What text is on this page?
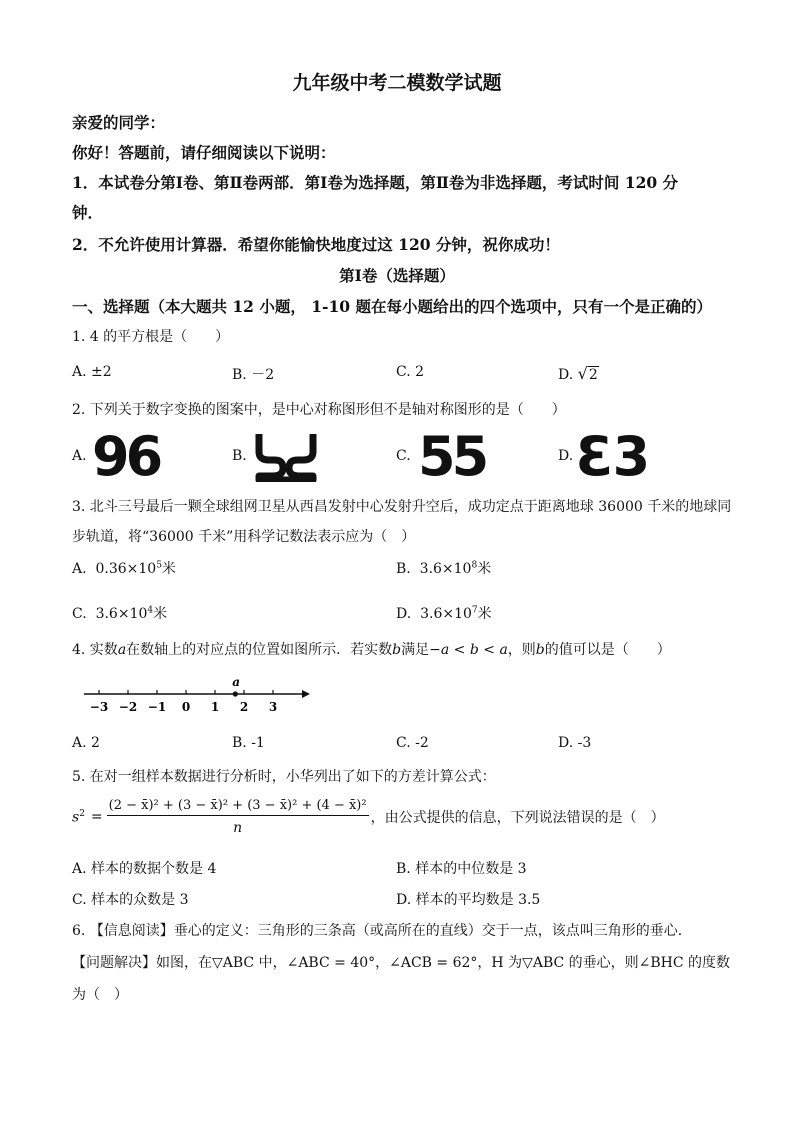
九年级中考二模数学试题
亲爱的同学：
你好！答题前，请仔细阅读以下说明：
1．本试卷分第Ⅰ卷、第Ⅱ卷两部．第Ⅰ卷为选择题，第Ⅱ卷为非选择题，考试时间 120 分
钟．
2．不允许使用计算器．希望你能愉快地度过这 120 分钟，祝你成功！
第Ⅰ卷（选择题）
一、选择题（本大题共 12 小题， 1-10 题在每小题给出的四个选项中，只有一个是正确的）
1. 4 的平方根是（　　）
A. ±2	B. －2	C. 2	D. √2
2. 下列关于数字变换的图案中，是中心对称图形但不是轴对称图形的是（　　）
A. 96	B.	C. 55	D. 33
3. 北斗三号最后一颗全球组网卫星从西昌发射中心发射升空后，成功定点于距离地球 36000 千米的地球同
步轨道，将“36000 千米”用科学记数法表示应为（　）
A. $0.36\times 10^5$米	B. $3.6\times 10^8$米
C. $3.6\times 10^4$米	D. $3.6\times 10^7$米
4. 实数a在数轴上的对应点的位置如图所示．若实数b满足−a < b < a，则b的值可以是（　　）
−3 −2 −1 0 1 2 3
a
A. 2	B. -1	C. -2	D. -3
5. 在对一组样本数据进行分析时，小华列出了如下的方差计算公式：
$s^2 = \frac{\text{(2 − x̄)² + (3 − x̄)² + (3 − x̄)² + (4 − x̄)²}}{n}$ ，由公式提供的信息，下列说法错误的是（　）
A. 样本的数据个数是 4	B. 样本的中位数是 3
C. 样本的众数是 3	D. 样本的平均数是 3.5
6. 【信息阅读】垂心的定义：三角形的三条高（或高所在的直线）交于一点，该点叫三角形的垂心．
【问题解决】如图，在▽ABC 中，∠ABC = 40°，∠ACB = 62°，H 为▽ABC 的垂心，则∠BHC 的度数
为（　）
